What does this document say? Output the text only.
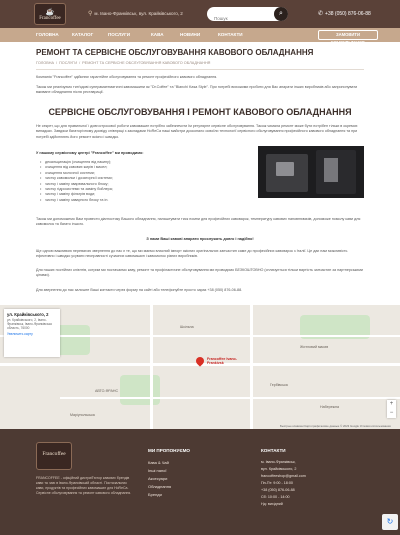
☕
Francoffee
⚲ м. Івано-Франківськ, вул. Крайківського, 2
Пошук	⌕	✆ +38 (050) 876-06-88
ГОЛОВНА	КАТАЛОГ	ПОСЛУГИ	КАВА	НОВИНИ	КОНТАКТИ	ЗАМОВИТИ КОНСУЛЬТАЦІЮ
РЕМОНТ ТА СЕРВІСНЕ ОБСЛУГОВУВАННЯ КАВОВОГО ОБЛАДНАННЯ
ГОЛОВНА / ПОСЛУГИ / РЕМОНТ ТА СЕРВІСНЕ ОБСЛУГОВУВАННЯ КАВОВОГО ОБЛАДНАННЯ
Компанія "Francoffee" здійснює гарантійне обслуговування та ремонт професійного кавового обладнання.
Також ми реалізуємо тип'ядові супераматематичні кавомашини як "Dr.Coffee" та "Bianchi Kasa Style". При потребі вихожими пробити для Вас апарати інших виробників або запропонувати вживане обладнання після реставрації.
СЕРВІСНЕ ОБСЛУГОВУВАННЯ І РЕМОНТ КАВОВОГО ОБЛАДНАННЯ
Не секрет, що для правильної і довгострокової роботи кавомашин потрібно забезпечити їм регулярне сервісне обслуговування. Також чимала ремонт може бути потрібен тільки в окремих випадках. Завдяки багаторічному досвіду співпраці з закладами HoReCa наші майстри досконало освоїли технології сервісного обслуговування професійного кавового обладнання та при потребі здійснюють його ремонт якісно і швидко.
У нашому сервісному центрі "Francoffee" ми проводимо:
• декальцинацію (очищення від накипу);
• очищення від кавових жирів і масел;
• очищення молочної системи;
• чистку кавомолки і дозаторної системи;
• чистку і заміну зварювального блоку;
• чистку гідросистеми та заміну бойлера;
• чистку і заміну фільтрів води;
• чистку і заміну заварного блоку та ін.
Також ми допоможемо Вам провести діагностику Вашого обладнання, налаштувати тиск помпи для професійних кавоварок, температуру кавових наповнювачів, допоможе помолу кави для кавомолок та багато іншого.
З нами Ваші кавові апарати прослужать довго і надійно!
Ще одною важливою перевагою звернення до нас є те, що ми маємо власний імпорт якісних оригінальних запчастин саме до професійних кавоварок з Італії. Це дає нам можливість ефективно і швидко усувати несправності сучасних кавомашин і кавомолок різних виробників.
Для наших постійних клієнтів, котрим ми постачаємо каву, ремонт та профілактичне обслуговування ми проводимо БЕЗКОШТОВНО (сплачується тільки вартість запчастин за партнерськими цінами).
Для звернення до нас залиште Ваші контакти через форму на сайті або телефонуйте просто зараз +38 (050) 876-06-88.
Житловий масив
Гербівська
Набережна
АВТО-ФРАНС
Шкільна
Маріупольська
ул. Крайківського, 2
ул. Крайківського, 2, Івано-Франківськ, Івано-Франківська область, 76000
Увеличить карту
Francoffee Ivano-Frankivsk
+
−
Быстрые клавиши Картографические данные © 2023 Google Условия использования
Francoffee
FRANCOFFEE - офіційний дистриб'ютор кавових брендів кави та чаю в Івано-Франківській області. Постачальник кави, продуктів та професійних кавомашин для HoReCa. Сервісне обслуговування та ремонт кавового обладнання.
МИ ПРОПОНУЄМО
Кава & Чай
Інші напої
Аксесуари
Обладнання
Бренди
КОНТАКТИ
м. Івано-Франківськ,
вул. Крайківського, 2
francoffeeshop@gmail.com
Пн-Пт: 9:00 - 18:00
+38 (050) 876-06-88
Сб: 10:00 - 14:00
Нд: вихідний
↻
